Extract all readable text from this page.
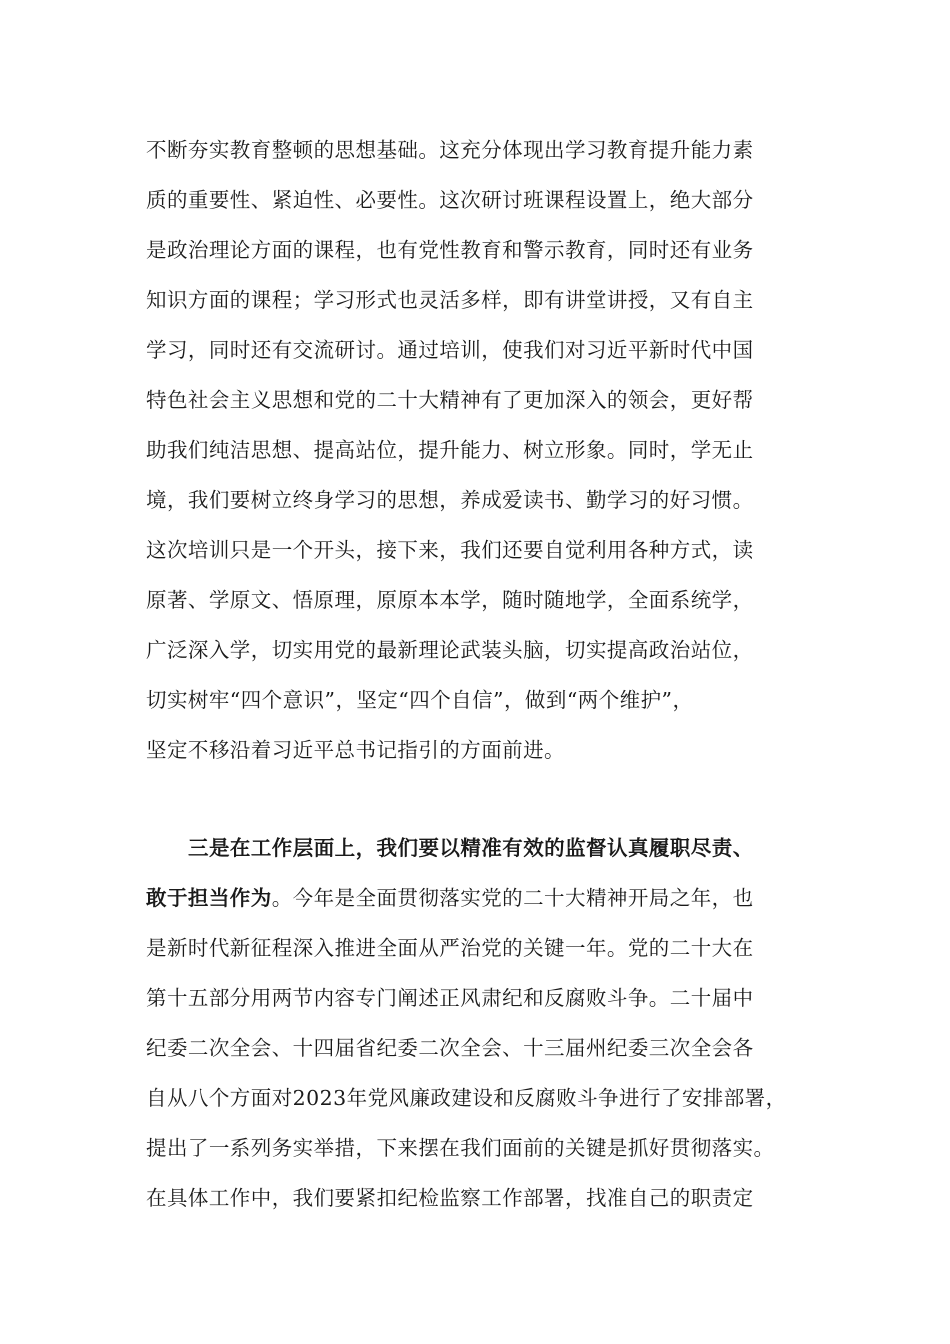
不断夯实教育整顿的思想基础。这充分体现出学习教育提升能力素
质的重要性、紧迫性、必要性。这次研讨班课程设置上，绝大部分
是政治理论方面的课程，也有党性教育和警示教育，同时还有业务
知识方面的课程；学习形式也灵活多样，即有讲堂讲授，又有自主
学习，同时还有交流研讨。通过培训，使我们对习近平新时代中国
特色社会主义思想和党的二十大精神有了更加深入的领会，更好帮
助我们纯洁思想、提高站位，提升能力、树立形象。同时，学无止
境，我们要树立终身学习的思想，养成爱读书、勤学习的好习惯。
这次培训只是一个开头，接下来，我们还要自觉利用各种方式，读
原著、学原文、悟原理，原原本本学，随时随地学，全面系统学，
广泛深入学，切实用党的最新理论武装头脑，切实提高政治站位，
切实树牢“四个意识”，坚定“四个自信”，做到“两个维护”，
坚定不移沿着习近平总书记指引的方面前进。
三是在工作层面上，我们要以精准有效的监督认真履职尽责、
敢于担当作为。今年是全面贯彻落实党的二十大精神开局之年，也
是新时代新征程深入推进全面从严治党的关键一年。党的二十大在
第十五部分用两节内容专门阐述正风肃纪和反腐败斗争。二十届中
纪委二次全会、十四届省纪委二次全会、十三届州纪委三次全会各
自从八个方面对2023年党风廉政建设和反腐败斗争进行了安排部署，
提出了一系列务实举措，下来摆在我们面前的关键是抓好贯彻落实。
在具体工作中，我们要紧扣纪检监察工作部署，找准自己的职责定
